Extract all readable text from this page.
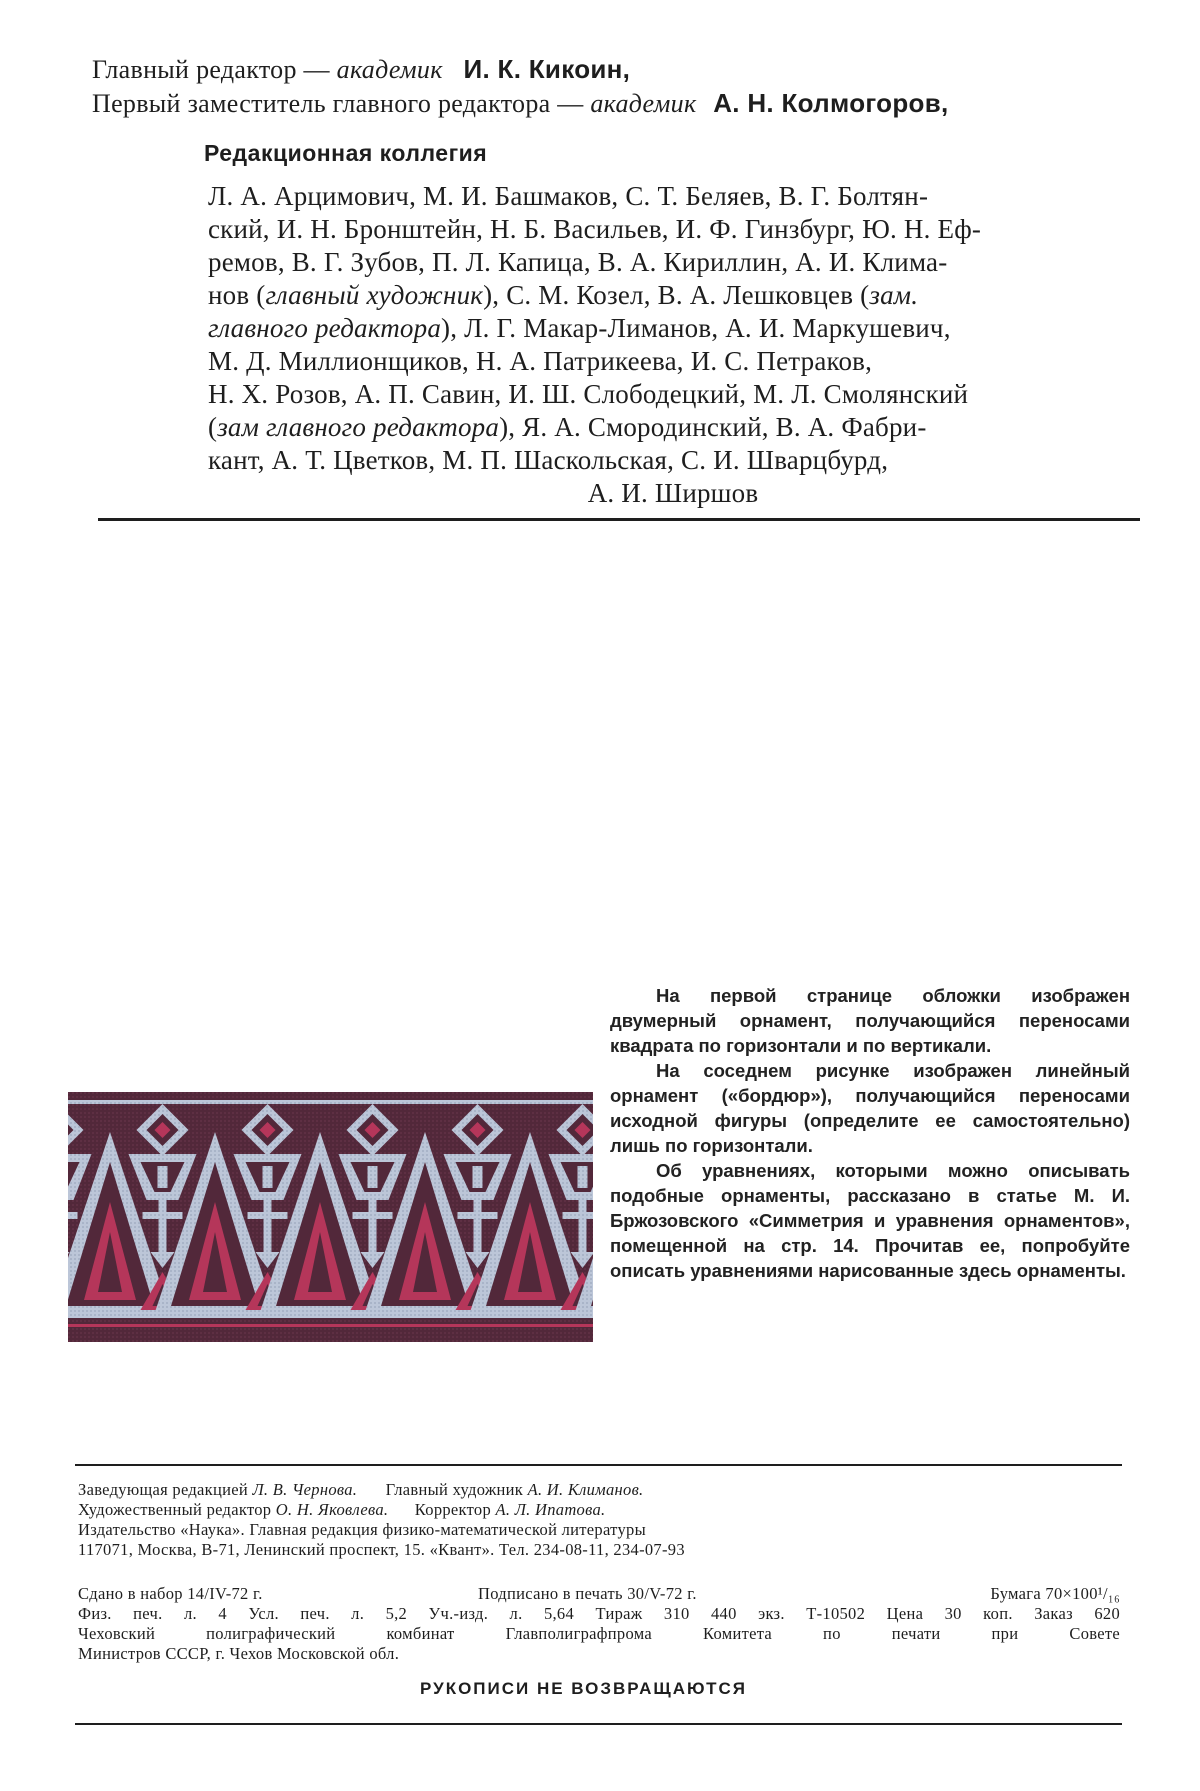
Главный редактор — академик И. К. Кикоин,
Первый заместитель главного редактора — академик А. Н. Колмогоров,
Редакционная коллегия
Л. А. Арцимович, М. И. Башмаков, С. Т. Беляев, В. Г. Болтян-
ский, И. Н. Бронштейн, Н. Б. Васильев, И. Ф. Гинзбург, Ю. Н. Еф-
ремов, В. Г. Зубов, П. Л. Капица, В. А. Кириллин, А. И. Клима-
нов (главный художник), С. М. Козел, В. А. Лешковцев (зам.
главного редактора), Л. Г. Макар-Лиманов, А. И. Маркушевич,
М. Д. Миллионщиков, Н. А. Патрикеева, И. С. Петраков,
Н. Х. Розов, А. П. Савин, И. Ш. Слободецкий, М. Л. Смолянский
(зам главного редактора), Я. А. Смородинский, В. А. Фабри-
кант, А. Т. Цветков, М. П. Шаскольская, С. И. Шварцбурд,
А. И. Ширшов

На первой странице обложки изображен двумерный орнамент, получающийся переносами квадрата по горизонтали и по вертикали.

На соседнем рисунке изображен линейный орнамент («бордюр»), получающийся переносами исходной фигуры (определите ее самостоятельно) лишь по горизонтали.

Об уравнениях, которыми можно описывать подобные орнаменты, рассказано в статье М. И. Бржозовского «Симметрия и уравнения орнаментов», помещенной на стр. 14. Прочитав ее, попробуйте описать уравнениями нарисованные здесь орнаменты.

Заведующая редакцией Л. В. Чернова. Главный художник А. И. Климанов.
Художественный редактор О. Н. Яковлева. Корректор А. Л. Ипатова.
Издательство «Наука». Главная редакция физико-математической литературы
117071, Москва, В-71, Ленинский проспект, 15. «Квант». Тел. 234-08-11, 234-07-93
Сдано в набор 14/IV-72 г.	Подписано в печать 30/V-72 г.	Бумага 70×100¹/₁₆
Физ. печ. л. 4 Усл. печ. л. 5,2 Уч.-изд. л. 5,64 Тираж 310 440 экз. Т-10502 Цена 30 коп. Заказ 620
Чеховский полиграфический комбинат Главполиграфпрома Комитета по печати при Совете
Министров СССР, г. Чехов Московской обл.
РУКОПИСИ НЕ ВОЗВРАЩАЮТСЯ
